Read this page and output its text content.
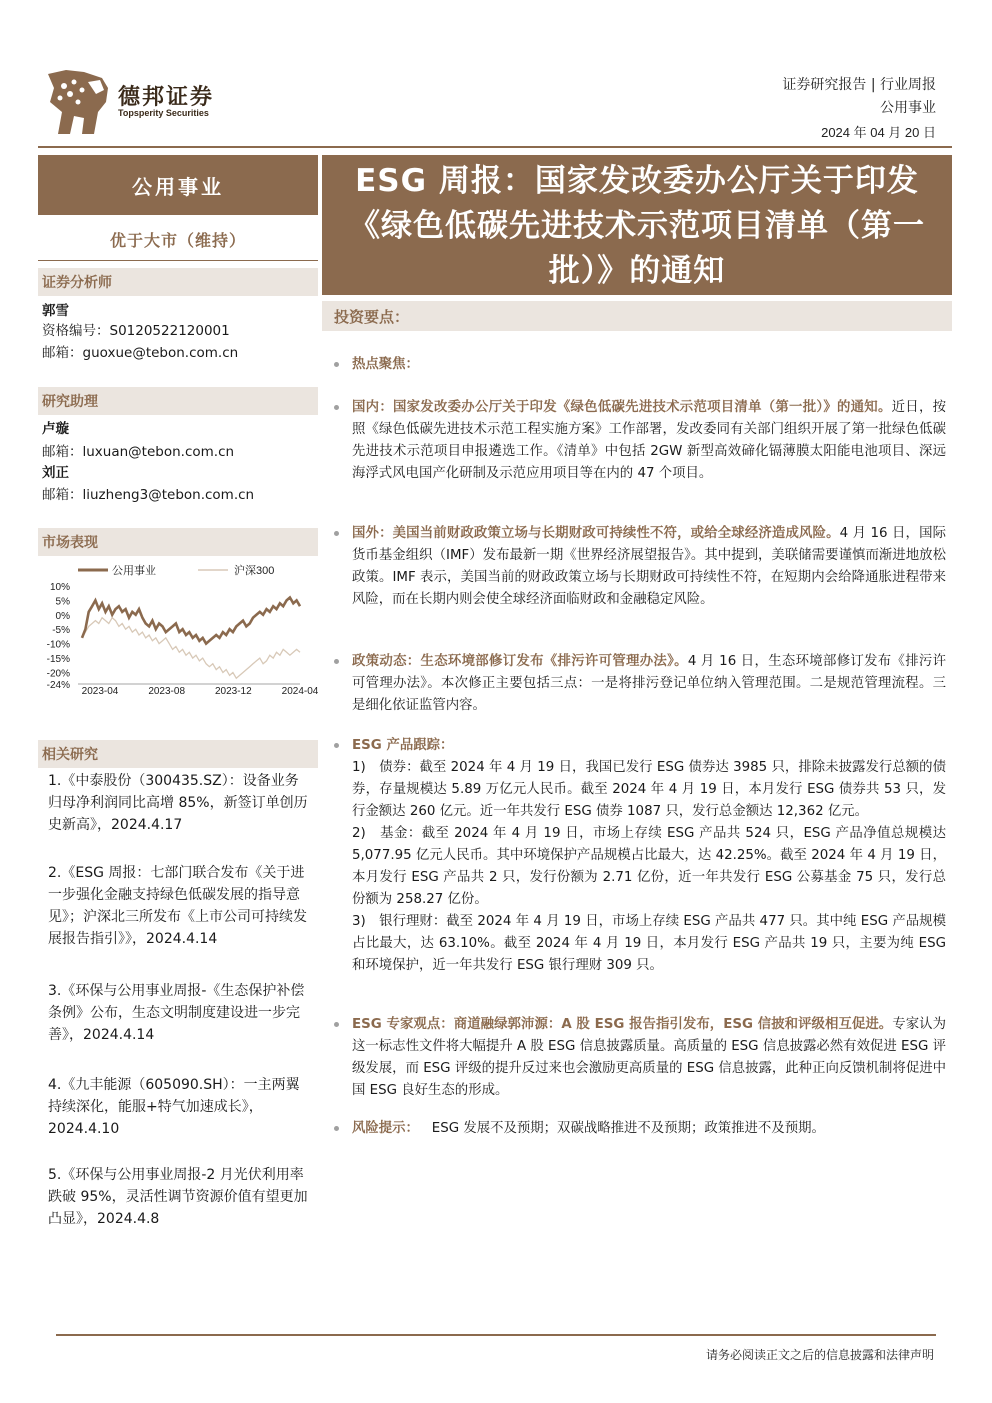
德邦证券
Topsperity Securities
证券研究报告 | 行业周报
公用事业
2024 年 04 月 20 日
公用事业
优于大市（维持）
证券分析师
郭雪
资格编号：S0120522120001
邮箱：guoxue@tebon.com.cn
研究助理
卢璇
邮箱：luxuan@tebon.com.cn
刘正
邮箱：liuzheng3@tebon.com.cn
市场表现
公用事业	沪深300
10%
5%
0%
-5%
-10%
-15%
-20%
-24%
2023-04	2023-08	2023-12	2024-04
相关研究
1.《中泰股份（300435.SZ）：设备业务归母净利润同比高增 85%，新签订单创历史新高》，2024.4.17
2.《ESG 周报：七部门联合发布《关于进一步强化金融支持绿色低碳发展的指导意见》；沪深北三所发布《上市公司可持续发展报告指引》》，2024.4.14
3.《环保与公用事业周报-《生态保护补偿条例》公布，生态文明制度建设进一步完善》，2024.4.14
4.《九丰能源（605090.SH）：一主两翼持续深化，能服+特气加速成长》，2024.4.10
5.《环保与公用事业周报-2 月光伏利用率跌破 95%，灵活性调节资源价值有望更加凸显》，2024.4.8
ESG 周报：国家发改委办公厅关于印发《绿色低碳先进技术示范项目清单（第一批）》的通知
投资要点：
热点聚焦：
国内：国家发改委办公厅关于印发《绿色低碳先进技术示范项目清单（第一批）》的通知。近日，按照《绿色低碳先进技术示范工程实施方案》工作部署，发改委同有关部门组织开展了第一批绿色低碳先进技术示范项目申报遴选工作。《清单》中包括 2GW 新型高效碲化镉薄膜太阳能电池项目、深远海浮式风电国产化研制及示范应用项目等在内的 47 个项目。
国外：美国当前财政政策立场与长期财政可持续性不符，或给全球经济造成风险。4 月 16 日，国际货币基金组织（IMF）发布最新一期《世界经济展望报告》。其中提到，美联储需要谨慎而渐进地放松政策。IMF 表示，美国当前的财政政策立场与长期财政可持续性不符，在短期内会给降通胀进程带来风险，而在长期内则会使全球经济面临财政和金融稳定风险。
政策动态：生态环境部修订发布《排污许可管理办法》。4 月 16 日，生态环境部修订发布《排污许可管理办法》。本次修正主要包括三点：一是将排污登记单位纳入管理范围。二是规范管理流程。三是细化依证监管内容。
ESG 产品跟踪：
1)　债券：截至 2024 年 4 月 19 日，我国已发行 ESG 债券达 3985 只，排除未披露发行总额的债券，存量规模达 5.89 万亿元人民币。截至 2024 年 4 月 19 日，本月发行 ESG 债券共 53 只，发行金额达 260 亿元。近一年共发行 ESG 债券 1087 只，发行总金额达 12,362 亿元。
2)　基金：截至 2024 年 4 月 19 日，市场上存续 ESG 产品共 524 只，ESG 产品净值总规模达 5,077.95 亿元人民币。其中环境保护产品规模占比最大，达 42.25%。截至 2024 年 4 月 19 日，本月发行 ESG 产品共 2 只，发行份额为 2.71 亿份，近一年共发行 ESG 公募基金 75 只，发行总份额为 258.27 亿份。
3)　银行理财：截至 2024 年 4 月 19 日，市场上存续 ESG 产品共 477 只。其中纯 ESG 产品规模占比最大，达 63.10%。截至 2024 年 4 月 19 日，本月发行 ESG 产品共 19 只，主要为纯 ESG 和环境保护，近一年共发行 ESG 银行理财 309 只。
ESG 专家观点：商道融绿郭沛源：A 股 ESG 报告指引发布，ESG 信披和评级相互促进。专家认为这一标志性文件将大幅提升 A 股 ESG 信息披露质量。高质量的 ESG 信息披露必然有效促进 ESG 评级发展，而 ESG 评级的提升反过来也会激励更高质量的 ESG 信息披露，此种正向反馈机制将促进中国 ESG 良好生态的形成。
风险提示： ESG 发展不及预期；双碳战略推进不及预期；政策推进不及预期。
请务必阅读正文之后的信息披露和法律声明
